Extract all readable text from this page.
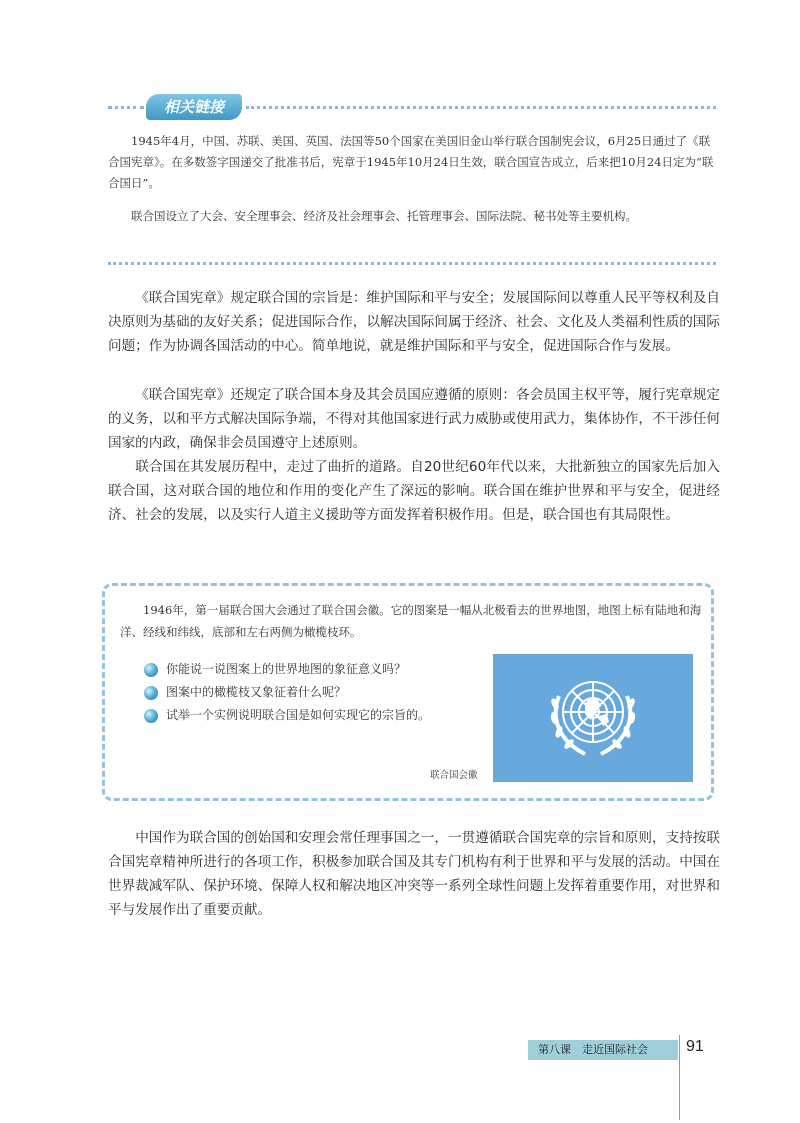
相关链接

1945年4月，中国、苏联、美国、英国、法国等50个国家在美国旧金山举行联合国制宪会议，6月25日通过了《联合国宪章》。在多数签字国递交了批准书后，宪章于1945年10月24日生效，联合国宣告成立，后来把10月24日定为“联合国日”。

联合国设立了大会、安全理事会、经济及社会理事会、托管理事会、国际法院、秘书处等主要机构。

《联合国宪章》规定联合国的宗旨是：维护国际和平与安全；发展国际间以尊重人民平等权利及自决原则为基础的友好关系；促进国际合作，以解决国际间属于经济、社会、文化及人类福利性质的国际问题；作为协调各国活动的中心。简单地说，就是维护国际和平与安全，促进国际合作与发展。

《联合国宪章》还规定了联合国本身及其会员国应遵循的原则：各会员国主权平等，履行宪章规定的义务，以和平方式解决国际争端，不得对其他国家进行武力威胁或使用武力，集体协作，不干涉任何国家的内政，确保非会员国遵守上述原则。

联合国在其发展历程中，走过了曲折的道路。自20世纪60年代以来，大批新独立的国家先后加入联合国，这对联合国的地位和作用的变化产生了深远的影响。联合国在维护世界和平与安全，促进经济、社会的发展，以及实行人道主义援助等方面发挥着积极作用。但是，联合国也有其局限性。

1946年，第一届联合国大会通过了联合国会徽。它的图案是一幅从北极看去的世界地图，地图上标有陆地和海洋、经线和纬线，底部和左右两侧为橄榄枝环。

你能说一说图案上的世界地图的象征意义吗？
图案中的橄榄枝又象征着什么呢？
试举一个实例说明联合国是如何实现它的宗旨的。
联合国会徽

中国作为联合国的创始国和安理会常任理事国之一，一贯遵循联合国宪章的宗旨和原则，支持按联合国宪章精神所进行的各项工作，积极参加联合国及其专门机构有利于世界和平与发展的活动。中国在世界裁减军队、保护环境、保障人权和解决地区冲突等一系列全球性问题上发挥着重要作用，对世界和平与发展作出了重要贡献。

第八课　走近国际社会	91
